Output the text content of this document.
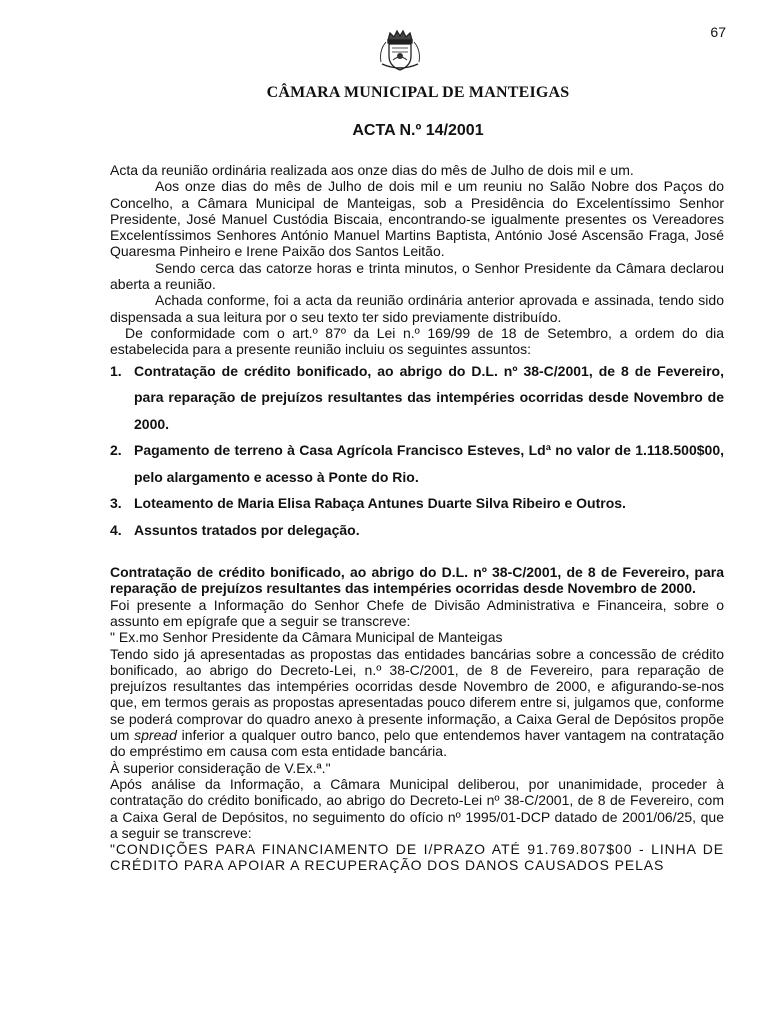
67
CÂMARA MUNICIPAL DE MANTEIGAS
ACTA N.º 14/2001

Acta da reunião ordinária realizada aos onze dias do mês de Julho de dois mil e um.

Aos onze dias do mês de Julho de dois mil e um reuniu no Salão Nobre dos Paços do Concelho, a Câmara Municipal de Manteigas, sob a Presidência do Excelentíssimo Senhor Presidente, José Manuel Custódia Biscaia, encontrando-se igualmente presentes os Vereadores Excelentíssimos Senhores António Manuel Martins Baptista, António José Ascensão Fraga, José Quaresma Pinheiro e Irene Paixão dos Santos Leitão.

Sendo cerca das catorze horas e trinta minutos, o Senhor Presidente da Câmara declarou aberta a reunião.

Achada conforme, foi a acta da reunião ordinária anterior aprovada e assinada, tendo sido dispensada a sua leitura por o seu texto ter sido previamente distribuído.

De conformidade com o art.º 87º da Lei n.º 169/99 de 18 de Setembro, a ordem do dia estabelecida para a presente reunião incluiu os seguintes assuntos:

1. Contratação de crédito bonificado, ao abrigo do D.L. nº 38-C/2001, de 8 de Fevereiro, para reparação de prejuízos resultantes das intempéries ocorridas desde Novembro de 2000.
2. Pagamento de terreno à Casa Agrícola Francisco Esteves, Ldª no valor de 1.118.500$00, pelo alargamento e acesso à Ponte do Rio.
3. Loteamento de Maria Elisa Rabaça Antunes Duarte Silva Ribeiro e Outros.
4. Assuntos tratados por delegação.

Contratação de crédito bonificado, ao abrigo do D.L. nº 38-C/2001, de 8 de Fevereiro, para reparação de prejuízos resultantes das intempéries ocorridas desde Novembro de 2000.

Foi presente a Informação do Senhor Chefe de Divisão Administrativa e Financeira, sobre o assunto em epígrafe que a seguir se transcreve:

" Ex.mo Senhor Presidente da Câmara Municipal de Manteigas

Tendo sido já apresentadas as propostas das entidades bancárias sobre a concessão de crédito bonificado, ao abrigo do Decreto-Lei, n.º 38-C/2001, de 8 de Fevereiro, para reparação de prejuízos resultantes das intempéries ocorridas desde Novembro de 2000, e afigurando-se-nos que, em termos gerais as propostas apresentadas pouco diferem entre si, julgamos que, conforme se poderá comprovar do quadro anexo à presente informação, a Caixa Geral de Depósitos propõe um spread inferior a qualquer outro banco, pelo que entendemos haver vantagem na contratação do empréstimo em causa com esta entidade bancária.

À superior consideração de V.Ex.ª."

Após análise da Informação, a Câmara Municipal deliberou, por unanimidade, proceder à contratação do crédito bonificado, ao abrigo do Decreto-Lei nº 38-C/2001, de 8 de Fevereiro, com a Caixa Geral de Depósitos, no seguimento do ofício nº 1995/01-DCP datado de 2001/06/25, que a seguir se transcreve:

"CONDIÇÕES PARA FINANCIAMENTO DE I/PRAZO ATÉ 91.769.807$00 - LINHA DE CRÉDITO PARA APOIAR A RECUPERAÇÃO DOS DANOS CAUSADOS PELAS
